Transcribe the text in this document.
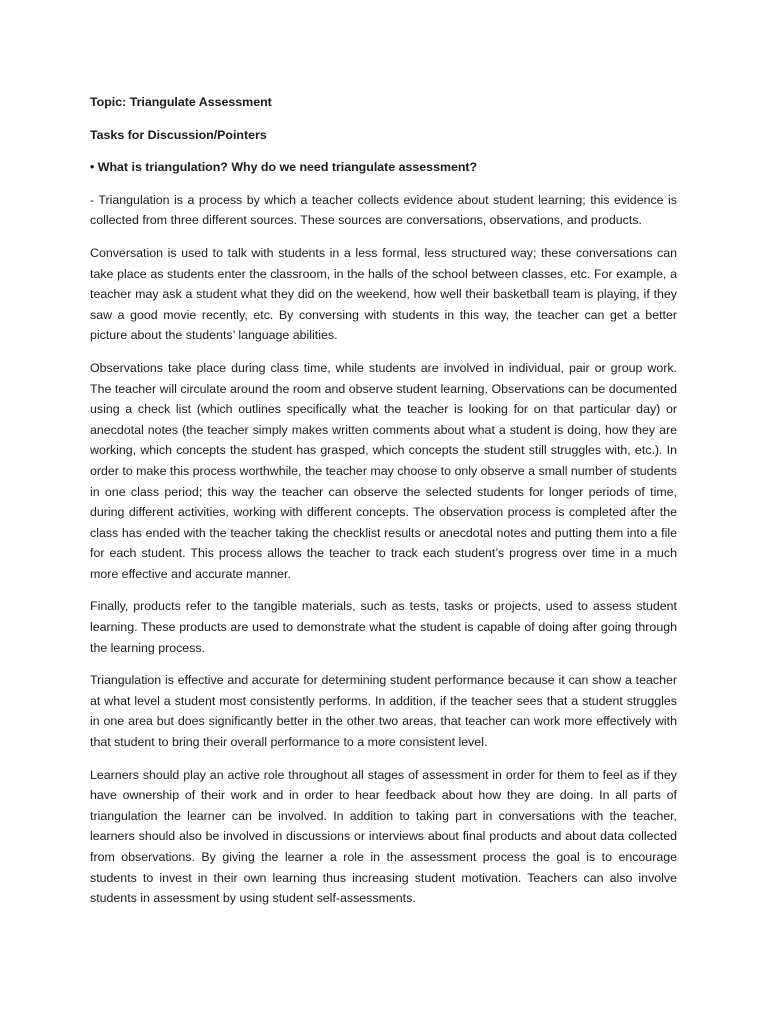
Topic: Triangulate Assessment

Tasks for Discussion/Pointers

• What is triangulation? Why do we need triangulate assessment?

- Triangulation is a process by which a teacher collects evidence about student learning; this evidence is collected from three different sources. These sources are conversations, observations, and products.

Conversation is used to talk with students in a less formal, less structured way; these conversations can take place as students enter the classroom, in the halls of the school between classes, etc. For example, a teacher may ask a student what they did on the weekend, how well their basketball team is playing, if they saw a good movie recently, etc. By conversing with students in this way, the teacher can get a better picture about the students’ language abilities.

Observations take place during class time, while students are involved in individual, pair or group work. The teacher will circulate around the room and observe student learning. Observations can be documented using a check list (which outlines specifically what the teacher is looking for on that particular day) or anecdotal notes (the teacher simply makes written comments about what a student is doing, how they are working, which concepts the student has grasped, which concepts the student still struggles with, etc.). In order to make this process worthwhile, the teacher may choose to only observe a small number of students in one class period; this way the teacher can observe the selected students for longer periods of time, during different activities, working with different concepts. The observation process is completed after the class has ended with the teacher taking the checklist results or anecdotal notes and putting them into a file for each student. This process allows the teacher to track each student’s progress over time in a much more effective and accurate manner.

Finally, products refer to the tangible materials, such as tests, tasks or projects, used to assess student learning. These products are used to demonstrate what the student is capable of doing after going through the learning process.

Triangulation is effective and accurate for determining student performance because it can show a teacher at what level a student most consistently performs. In addition, if the teacher sees that a student struggles in one area but does significantly better in the other two areas, that teacher can work more effectively with that student to bring their overall performance to a more consistent level.

Learners should play an active role throughout all stages of assessment in order for them to feel as if they have ownership of their work and in order to hear feedback about how they are doing. In all parts of triangulation the learner can be involved. In addition to taking part in conversations with the teacher, learners should also be involved in discussions or interviews about final products and about data collected from observations. By giving the learner a role in the assessment process the goal is to encourage students to invest in their own learning thus increasing student motivation. Teachers can also involve students in assessment by using student self-assessments.
